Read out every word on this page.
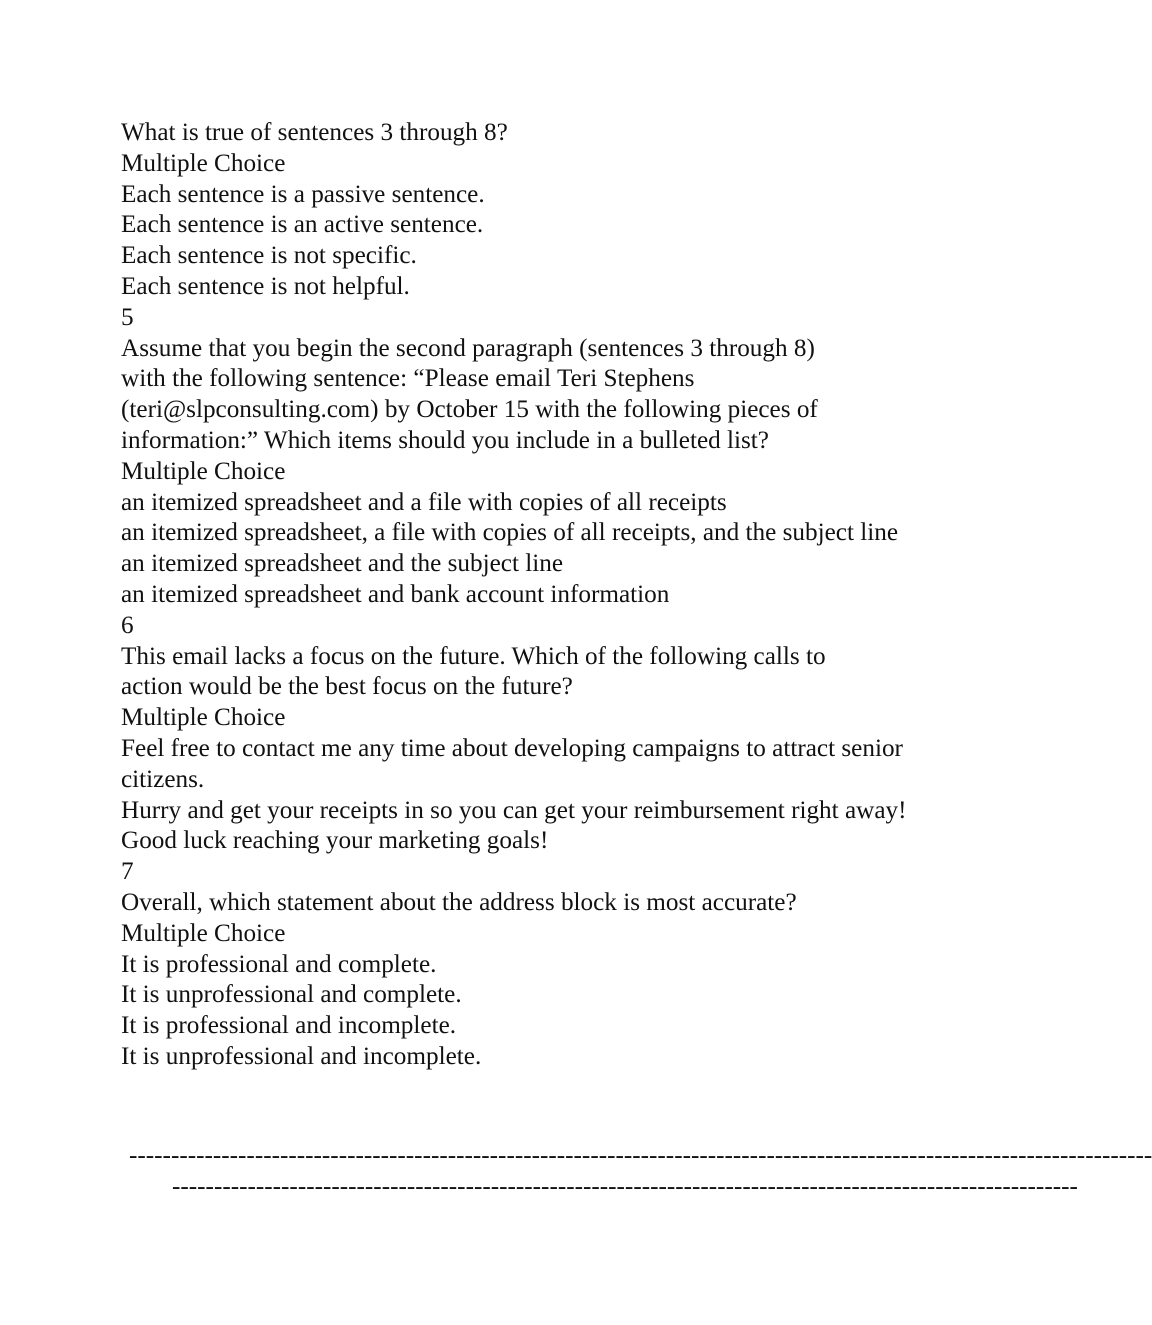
What is true of sentences 3 through 8?
Multiple Choice
Each sentence is a passive sentence.
Each sentence is an active sentence.
Each sentence is not specific.
Each sentence is not helpful.
5
Assume that you begin the second paragraph (sentences 3 through 8)
with the following sentence: “Please email Teri Stephens
(teri@slpconsulting.com) by October 15 with the following pieces of
information:” Which items should you include in a bulleted list?
Multiple Choice
an itemized spreadsheet and a file with copies of all receipts
an itemized spreadsheet, a file with copies of all receipts, and the subject line
an itemized spreadsheet and the subject line
an itemized spreadsheet and bank account information
6
This email lacks a focus on the future. Which of the following calls to
action would be the best focus on the future?
Multiple Choice
Feel free to contact me any time about developing campaigns to attract senior citizens.
Hurry and get your receipts in so you can get your reimbursement right away!
Good luck reaching your marketing goals!
7
Overall, which statement about the address block is most accurate?
Multiple Choice
It is professional and complete.
It is unprofessional and complete.
It is professional and incomplete.
It is unprofessional and incomplete.
--------------------------------------------------------------------------------------------------------------------------
------------------------------------------------------------------------------------------------------------
